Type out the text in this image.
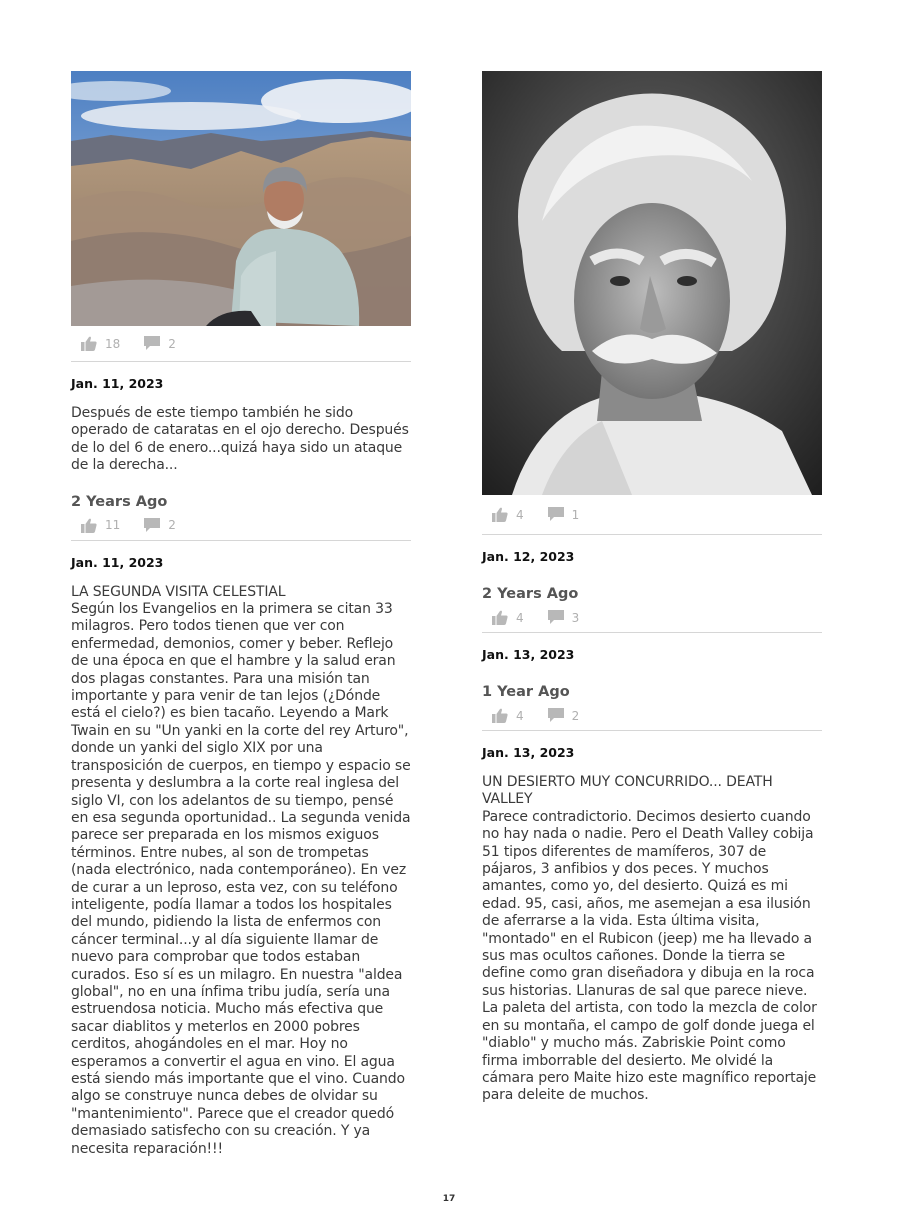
18	2
Jan. 11, 2023

Después de este tiempo también he sido operado de cataratas en el ojo derecho. Después de lo del 6 de enero...quizá haya sido un ataque de la derecha...

2 Years Ago
11	2
Jan. 11, 2023

LA SEGUNDA VISITA CELESTIAL

Según los Evangelios en la primera se citan 33 milagros. Pero todos tienen que ver con enfermedad, demonios, comer y beber. Reflejo de una época en que el hambre y la salud eran dos plagas constantes. Para una misión tan importante y para venir de tan lejos (¿Dónde está el cielo?) es bien tacaño. Leyendo a Mark Twain en su "Un yanki en la corte del rey Arturo", donde un yanki del siglo XIX por una transposición de cuerpos, en tiempo y espacio se presenta y deslumbra a la corte real inglesa del siglo VI, con los adelantos de su tiempo, pensé en esa segunda oportunidad.. La segunda venida parece ser preparada en los mismos exiguos términos. Entre nubes, al son de trompetas (nada electrónico, nada contemporáneo). En vez de curar a un leproso, esta vez, con su teléfono inteligente, podía llamar a todos los hospitales del mundo, pidiendo la lista de enfermos con cáncer terminal...y al día siguiente llamar de nuevo para comprobar que todos estaban curados. Eso sí es un milagro. En nuestra "aldea global", no en una ínfima tribu judía, sería una estruendosa noticia. Mucho más efectiva que sacar diablitos y meterlos en 2000 pobres cerditos, ahogándoles en el mar. Hoy no esperamos a convertir el agua en vino. El agua está siendo más importante que el vino. Cuando algo se construye nunca debes de olvidar su "mantenimiento". Parece que el creador quedó demasiado satisfecho con su creación. Y ya necesita reparación!!!

4	1
Jan. 12, 2023
2 Years Ago
4	3
Jan. 13, 2023
1 Year Ago
4	2
Jan. 13, 2023

UN DESIERTO MUY CONCURRIDO... DEATH VALLEY

Parece contradictorio. Decimos desierto cuando no hay nada o nadie. Pero el Death Valley cobija 51 tipos diferentes de mamíferos, 307 de pájaros, 3 anfibios y dos peces. Y muchos amantes, como yo, del desierto. Quizá es mi edad. 95, casi, años, me asemejan a esa ilusión de aferrarse a la vida. Esta última visita, "montado" en el Rubicon (jeep) me ha llevado a sus mas ocultos cañones. Donde la tierra se define como gran diseñadora y dibuja en la roca sus historias. Llanuras de sal que parece nieve. La paleta del artista, con todo la mezcla de color en su montaña, el campo de golf donde juega el "diablo" y mucho más. Zabriskie Point como firma imborrable del desierto. Me olvidé la cámara pero Maite hizo este magnífico reportaje para deleite de muchos.

17
